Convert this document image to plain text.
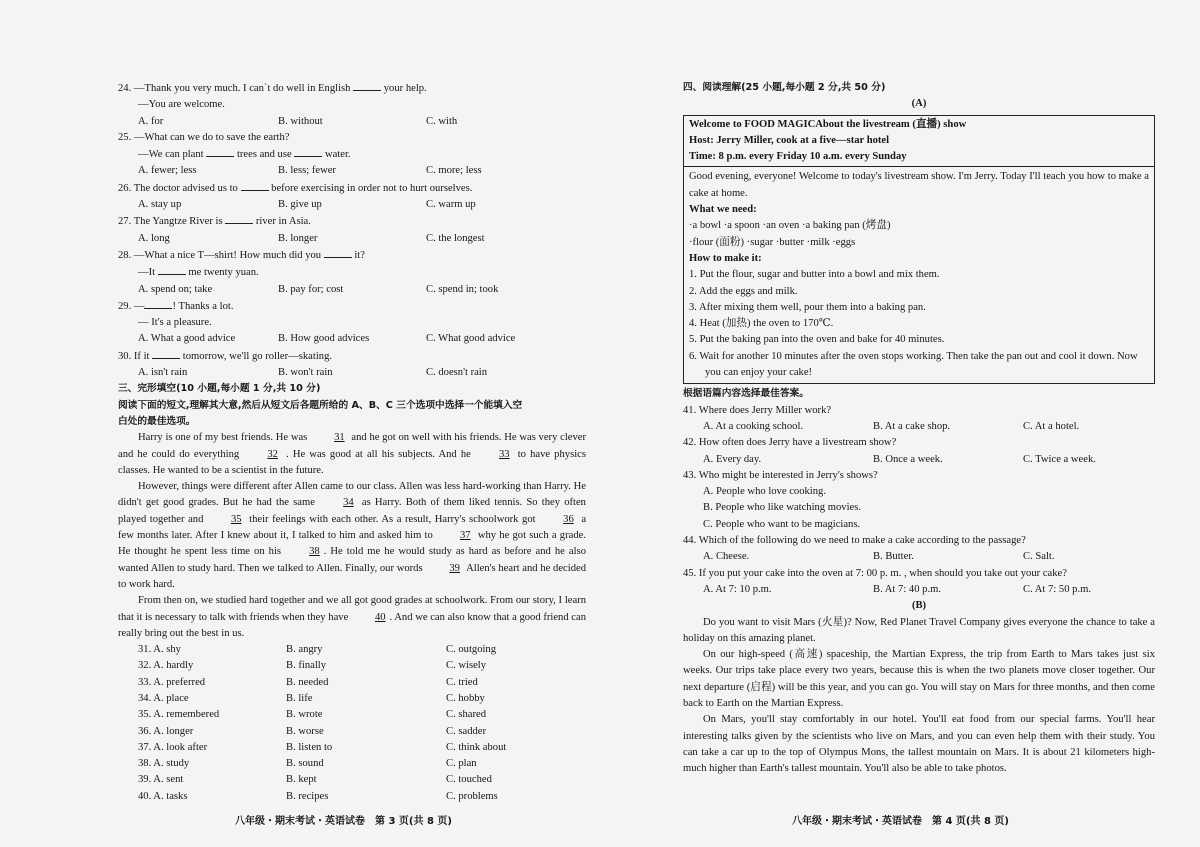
24. —Thank you very much. I can`t do well in English	your help.
—You are welcome.
A. for	B. without	C. with
25. —What can we do to save the earth?
—We can plant	trees and use	water.
A. fewer; less	B. less; fewer	C. more; less
26. The doctor advised us to	before exercising in order not to hurt ourselves.
A. stay up	B. give up	C. warm up
27. The Yangtze River is	river in Asia.
A. long	B. longer	C. the longest
28. —What a nice T—shirt! How much did you	it?
—It	me twenty yuan.
A. spend on; take	B. pay for; cost	C. spend in; took
29. —	! Thanks a lot.
— It's a pleasure.
A. What a good advice	B. How good advices	C. What good advice
30. If it	tomorrow, we'll go roller—skating.
A. isn't rain	B. won't rain	C. doesn't rain
三、完形填空(10 小题,每小题 1 分,共 10 分)
阅读下面的短文,理解其大意,然后从短文后各题所给的 A、B、C 三个选项中选择一个能填入空
白处的最佳选项。
Harry is one of my best friends. He was	31 and he got on well with his friends. He was very clever and he could do everything	32 . He was good at all his subjects. And he	33 to have physics classes. He wanted to be a scientist in the future.
However, things were different after Allen came to our class. Allen was less hard-working than Harry. He didn't get good grades. But he had the same	34 as Harry. Both of them liked tennis. So they often played together and	35 their feelings with each other. As a result, Harry's schoolwork got	36 a few months later. After I knew about it, I talked to him and asked him to	37 why he got such a grade. He thought he spent less time on his	38 . He told me he would study as hard as before and he also wanted Allen to study hard. Then we talked to Allen. Finally, our words	39 Allen's heart and he decided to work hard.
From then on, we studied hard together and we all got good grades at schoolwork. From our story, I learn that it is necessary to talk with friends when they have	40 . And we can also know that a good friend can really bring out the best in us.
31. A. shy	B. angry	C. outgoing
32. A. hardly	B. finally	C. wisely
33. A. preferred	B. needed	C. tried
34. A. place	B. life	C. hobby
35. A. remembered	B. wrote	C. shared
36. A. longer	B. worse	C. sadder
37. A. look after	B. listen to	C. think about
38. A. study	B. sound	C. plan
39. A. sent	B. kept	C. touched
40. A. tasks	B. recipes	C. problems
八年级・期末考试・英语试卷　第 3 页(共 8 页)
四、阅读理解(25 小题,每小题 2 分,共 50 分)
(A)
Welcome to FOOD MAGICAbout the livestream (直播) show
Host: Jerry Miller, cook at a five—star hotel
Time: 8 p.m. every Friday 10 a.m. every Sunday
Good evening, everyone! Welcome to today's livestream show. I'm Jerry. Today I'll teach you how to make a cake at home.
What we need:
·a bowl ·a spoon ·an oven ·a baking pan (烤盘)
·flour (面粉) ·sugar ·butter ·milk ·eggs
How to make it:
1. Put the flour, sugar and butter into a bowl and mix them.
2. Add the eggs and milk.
3. After mixing them well, pour them into a baking pan.
4. Heat (加热) the oven to 170℃.
5. Put the baking pan into the oven and bake for 40 minutes.
6. Wait for another 10 minutes after the oven stops working. Then take the pan out and cool it down. Now you can enjoy your cake!
根据语篇内容选择最佳答案。
41. Where does Jerry Miller work?
A. At a cooking school.	B. At a cake shop.	C. At a hotel.
42. How often does Jerry have a livestream show?
A. Every day.	B. Once a week.	C. Twice a week.
43. Who might be interested in Jerry's shows?
A. People who love cooking.
B. People who like watching movies.
C. People who want to be magicians.
44. Which of the following do we need to make a cake according to the passage?
A. Cheese.	B. Butter.	C. Salt.
45. If you put your cake into the oven at 7: 00 p. m. , when should you take out your cake?
A. At 7: 10 p.m.	B. At 7: 40 p.m.	C. At 7: 50 p.m.
(B)
Do you want to visit Mars (火星)? Now, Red Planet Travel Company gives everyone the chance to take a holiday on this amazing planet.
On our high-speed (高速) spaceship, the Martian Express, the trip from Earth to Mars takes just six weeks. Our trips take place every two years, because this is when the two planets move closer together. Our next departure (启程) will be this year, and you can go. You will stay on Mars for three months, and then come back to Earth on the Martian Express.
On Mars, you'll stay comfortably in our hotel. You'll eat food from our special farms. You'll hear interesting talks given by the scientists who live on Mars, and you can even help them with their study. You can take a car up to the top of Olympus Mons, the tallest mountain on Mars. It is about 21 kilometers high-much higher than Earth's tallest mountain. You'll also be able to take photos.
八年级・期末考试・英语试卷　第 4 页(共 8 页)
